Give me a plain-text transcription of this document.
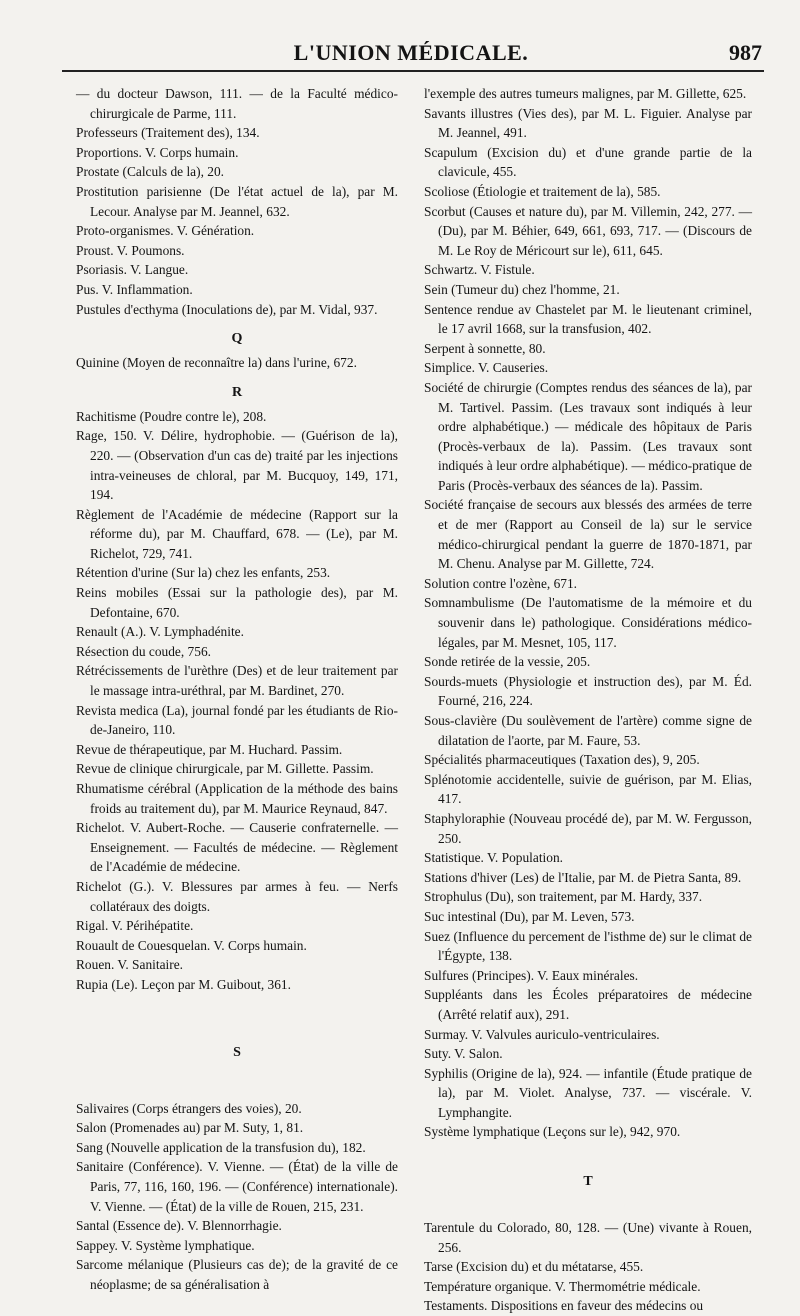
L'UNION MÉDICALE.	987

— du docteur Dawson, 111. — de la Faculté médico-chirurgicale de Parme, 111.

Professeurs (Traitement des), 134.

Proportions. V. Corps humain.

Prostate (Calculs de la), 20.

Prostitution parisienne (De l'état actuel de la), par M. Lecour. Analyse par M. Jeannel, 632.

Proto-organismes. V. Génération.

Proust. V. Poumons.

Psoriasis. V. Langue.

Pus. V. Inflammation.

Pustules d'ecthyma (Inoculations de), par M. Vidal, 937.

Q

Quinine (Moyen de reconnaître la) dans l'urine, 672.

R

Rachitisme (Poudre contre le), 208.

Rage, 150. V. Délire, hydrophobie. — (Guérison de la), 220. — (Observation d'un cas de) traité par les injections intra-veineuses de chloral, par M. Bucquoy, 149, 171, 194.

Règlement de l'Académie de médecine (Rapport sur la réforme du), par M. Chauffard, 678. — (Le), par M. Richelot, 729, 741.

Rétention d'urine (Sur la) chez les enfants, 253.

Reins mobiles (Essai sur la pathologie des), par M. Defontaine, 670.

Renault (A.). V. Lymphadénite.

Résection du coude, 756.

Rétrécissements de l'urèthre (Des) et de leur traitement par le massage intra-uréthral, par M. Bardinet, 270.

Revista medica (La), journal fondé par les étudiants de Rio-de-Janeiro, 110.

Revue de thérapeutique, par M. Huchard. Passim.

Revue de clinique chirurgicale, par M. Gillette. Passim.

Rhumatisme cérébral (Application de la méthode des bains froids au traitement du), par M. Maurice Reynaud, 847.

Richelot. V. Aubert-Roche. — Causerie confraternelle. — Enseignement. — Facultés de médecine. — Règlement de l'Académie de médecine.

Richelot (G.). V. Blessures par armes à feu. — Nerfs collatéraux des doigts.

Rigal. V. Périhépatite.

Rouault de Couesquelan. V. Corps humain.

Rouen. V. Sanitaire.

Rupia (Le). Leçon par M. Guibout, 361.

S

Salivaires (Corps étrangers des voies), 20.

Salon (Promenades au) par M. Suty, 1, 81.

Sang (Nouvelle application de la transfusion du), 182.

Sanitaire (Conférence). V. Vienne. — (État) de la ville de Paris, 77, 116, 160, 196. — (Conférence) internationale). V. Vienne. — (État) de la ville de Rouen, 215, 231.

Santal (Essence de). V. Blennorrhagie.

Sappey. V. Système lymphatique.

Sarcome mélanique (Plusieurs cas de); de la gravité de ce néoplasme; de sa généralisation à

l'exemple des autres tumeurs malignes, par M. Gillette, 625.

Savants illustres (Vies des), par M. L. Figuier. Analyse par M. Jeannel, 491.

Scapulum (Excision du) et d'une grande partie de la clavicule, 455.

Scoliose (Étiologie et traitement de la), 585.

Scorbut (Causes et nature du), par M. Villemin, 242, 277. — (Du), par M. Béhier, 649, 661, 693, 717. — (Discours de M. Le Roy de Méricourt sur le), 611, 645.

Schwartz. V. Fistule.

Sein (Tumeur du) chez l'homme, 21.

Sentence rendue av Chastelet par M. le lieutenant criminel, le 17 avril 1668, sur la transfusion, 402.

Serpent à sonnette, 80.

Simplice. V. Causeries.

Société de chirurgie (Comptes rendus des séances de la), par M. Tartivel. Passim. (Les travaux sont indiqués à leur ordre alphabétique.) — médicale des hôpitaux de Paris (Procès-verbaux de la). Passim. (Les travaux sont indiqués à leur ordre alphabétique). — médico-pratique de Paris (Procès-verbaux des séances de la). Passim.

Société française de secours aux blessés des armées de terre et de mer (Rapport au Conseil de la) sur le service médico-chirurgical pendant la guerre de 1870-1871, par M. Chenu. Analyse par M. Gillette, 724.

Solution contre l'ozène, 671.

Somnambulisme (De l'automatisme de la mémoire et du souvenir dans le) pathologique. Considérations médico-légales, par M. Mesnet, 105, 117.

Sonde retirée de la vessie, 205.

Sourds-muets (Physiologie et instruction des), par M. Éd. Fourné, 216, 224.

Sous-clavière (Du soulèvement de l'artère) comme signe de dilatation de l'aorte, par M. Faure, 53.

Spécialités pharmaceutiques (Taxation des), 9, 205.

Splénotomie accidentelle, suivie de guérison, par M. Elias, 417.

Staphyloraphie (Nouveau procédé de), par M. W. Fergusson, 250.

Statistique. V. Population.

Stations d'hiver (Les) de l'Italie, par M. de Pietra Santa, 89.

Strophulus (Du), son traitement, par M. Hardy, 337.

Suc intestinal (Du), par M. Leven, 573.

Suez (Influence du percement de l'isthme de) sur le climat de l'Égypte, 138.

Sulfures (Principes). V. Eaux minérales.

Suppléants dans les Écoles préparatoires de médecine (Arrêté relatif aux), 291.

Surmay. V. Valvules auriculo-ventriculaires.

Suty. V. Salon.

Syphilis (Origine de la), 924. — infantile (Étude pratique de la), par M. Violet. Analyse, 737. — viscérale. V. Lymphangite.

Système lymphatique (Leçons sur le), 942, 970.

T

Tarentule du Colorado, 80, 128. — (Une) vivante à Rouen, 256.

Tarse (Excision du) et du métatarse, 455.

Température organique. V. Thermométrie médicale.

Testaments. Dispositions en faveur des médecins ou
